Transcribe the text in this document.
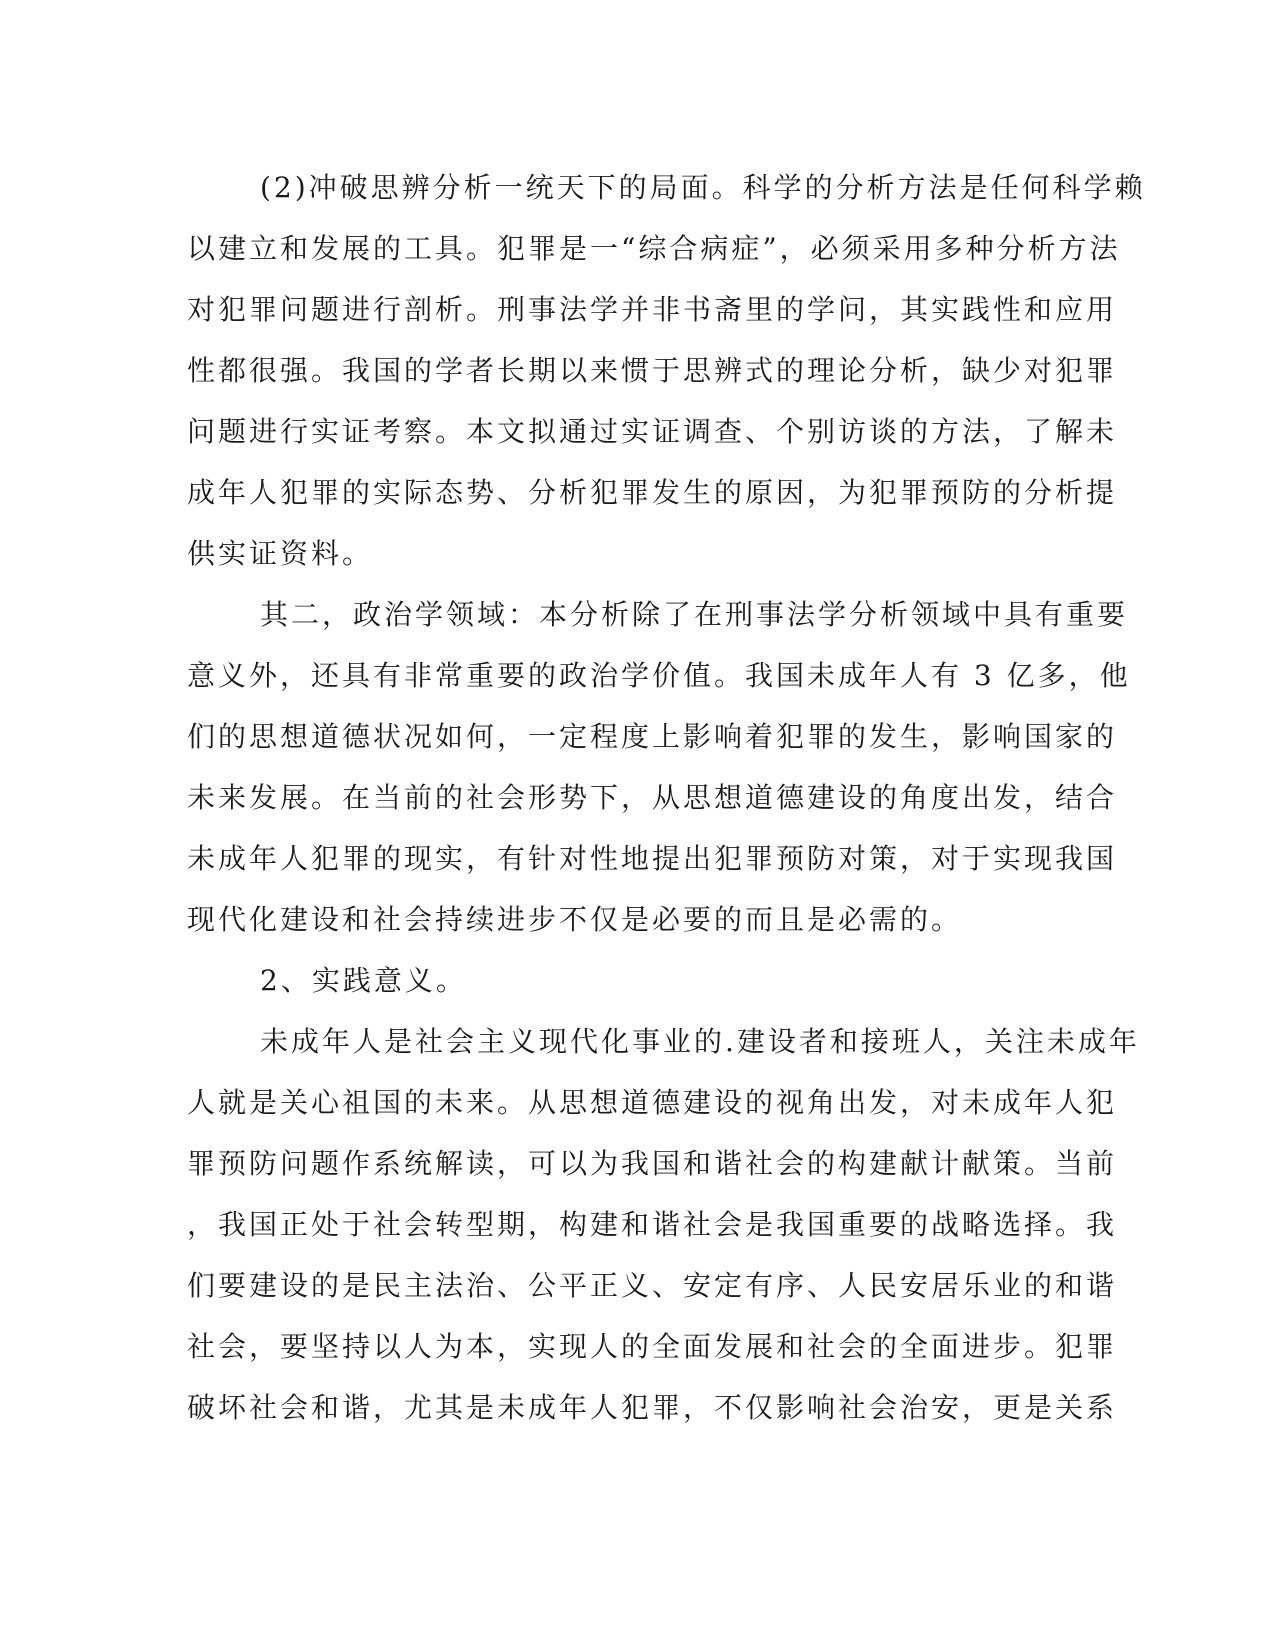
(2)冲破思辨分析一统天下的局面。科学的分析方法是任何科学赖
以建立和发展的工具。犯罪是一“综合病症”，必须采用多种分析方法
对犯罪问题进行剖析。刑事法学并非书斋里的学问，其实践性和应用
性都很强。我国的学者长期以来惯于思辨式的理论分析，缺少对犯罪
问题进行实证考察。本文拟通过实证调查、个别访谈的方法，了解未
成年人犯罪的实际态势、分析犯罪发生的原因，为犯罪预防的分析提
供实证资料。
其二，政治学领域：本分析除了在刑事法学分析领域中具有重要
意义外，还具有非常重要的政治学价值。我国未成年人有 3 亿多，他
们的思想道德状况如何，一定程度上影响着犯罪的发生，影响国家的
未来发展。在当前的社会形势下，从思想道德建设的角度出发，结合
未成年人犯罪的现实，有针对性地提出犯罪预防对策，对于实现我国
现代化建设和社会持续进步不仅是必要的而且是必需的。
2、实践意义。
未成年人是社会主义现代化事业的.建设者和接班人，关注未成年
人就是关心祖国的未来。从思想道德建设的视角出发，对未成年人犯
罪预防问题作系统解读，可以为我国和谐社会的构建献计献策。当前
，我国正处于社会转型期，构建和谐社会是我国重要的战略选择。我
们要建设的是民主法治、公平正义、安定有序、人民安居乐业的和谐
社会，要坚持以人为本，实现人的全面发展和社会的全面进步。犯罪
破坏社会和谐，尤其是未成年人犯罪，不仅影响社会治安，更是关系
